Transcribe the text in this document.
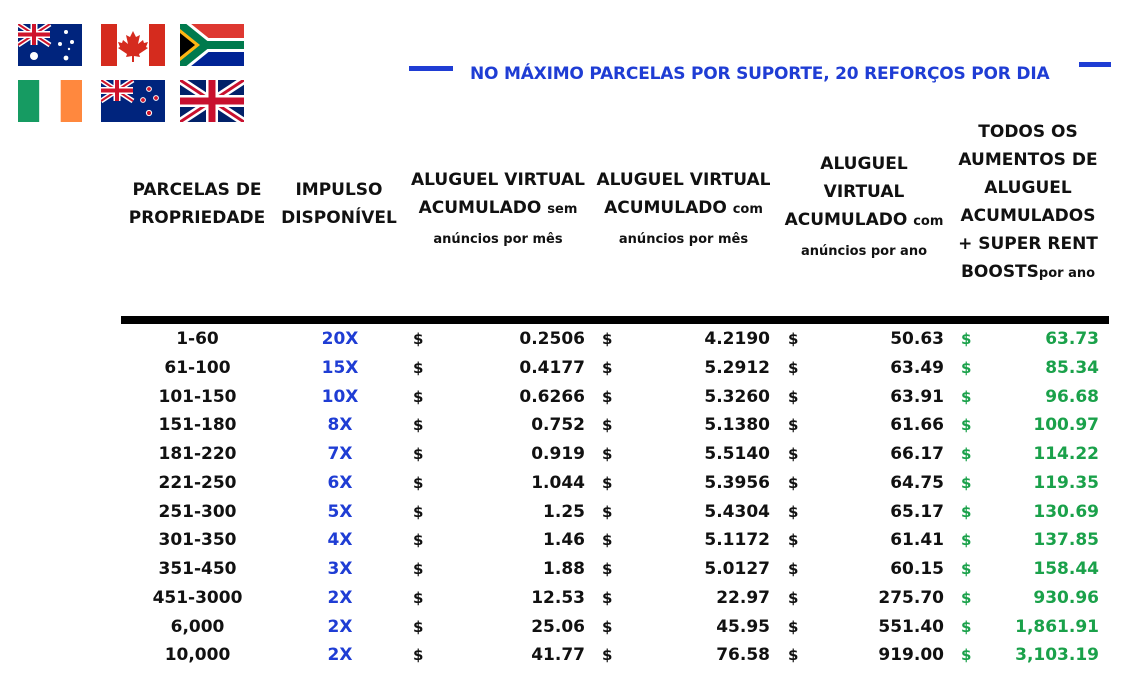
NO MÁXIMO PARCELAS POR SUPORTE, 20 REFORÇOS POR DIA
PARCELAS DE PROPRIEDADE
IMPULSO DISPONÍVEL
ALUGUEL VIRTUAL ACUMULADO sem anúncios por mês
ALUGUEL VIRTUAL ACUMULADO com anúncios por mês
ALUGUEL VIRTUAL ACUMULADO com anúncios por ano
TODOS OS AUMENTOS DE ALUGUEL ACUMULADOS + SUPER RENT BOOSTSpor ano
1-60	20X	$	0.2506 $	4.2190 $	50.63 $	63.73
61-100	15X	$	0.4177 $	5.2912 $	63.49 $	85.34
101-150	10X	$	0.6266 $	5.3260 $	63.91 $	96.68
151-180	8X	$	0.752 $	5.1380 $	61.66 $	100.97
181-220	7X	$	0.919 $	5.5140 $	66.17 $	114.22
221-250	6X	$	1.044 $	5.3956 $	64.75 $	119.35
251-300	5X	$	1.25 $	5.4304 $	65.17 $	130.69
301-350	4X	$	1.46 $	5.1172 $	61.41 $	137.85
351-450	3X	$	1.88 $	5.0127 $	60.15 $	158.44
451-3000	2X	$	12.53 $	22.97 $	275.70 $	930.96
6,000	2X	$	25.06 $	45.95 $	551.40 $	1,861.91
10,000	2X	$	41.77 $	76.58 $	919.00 $	3,103.19
